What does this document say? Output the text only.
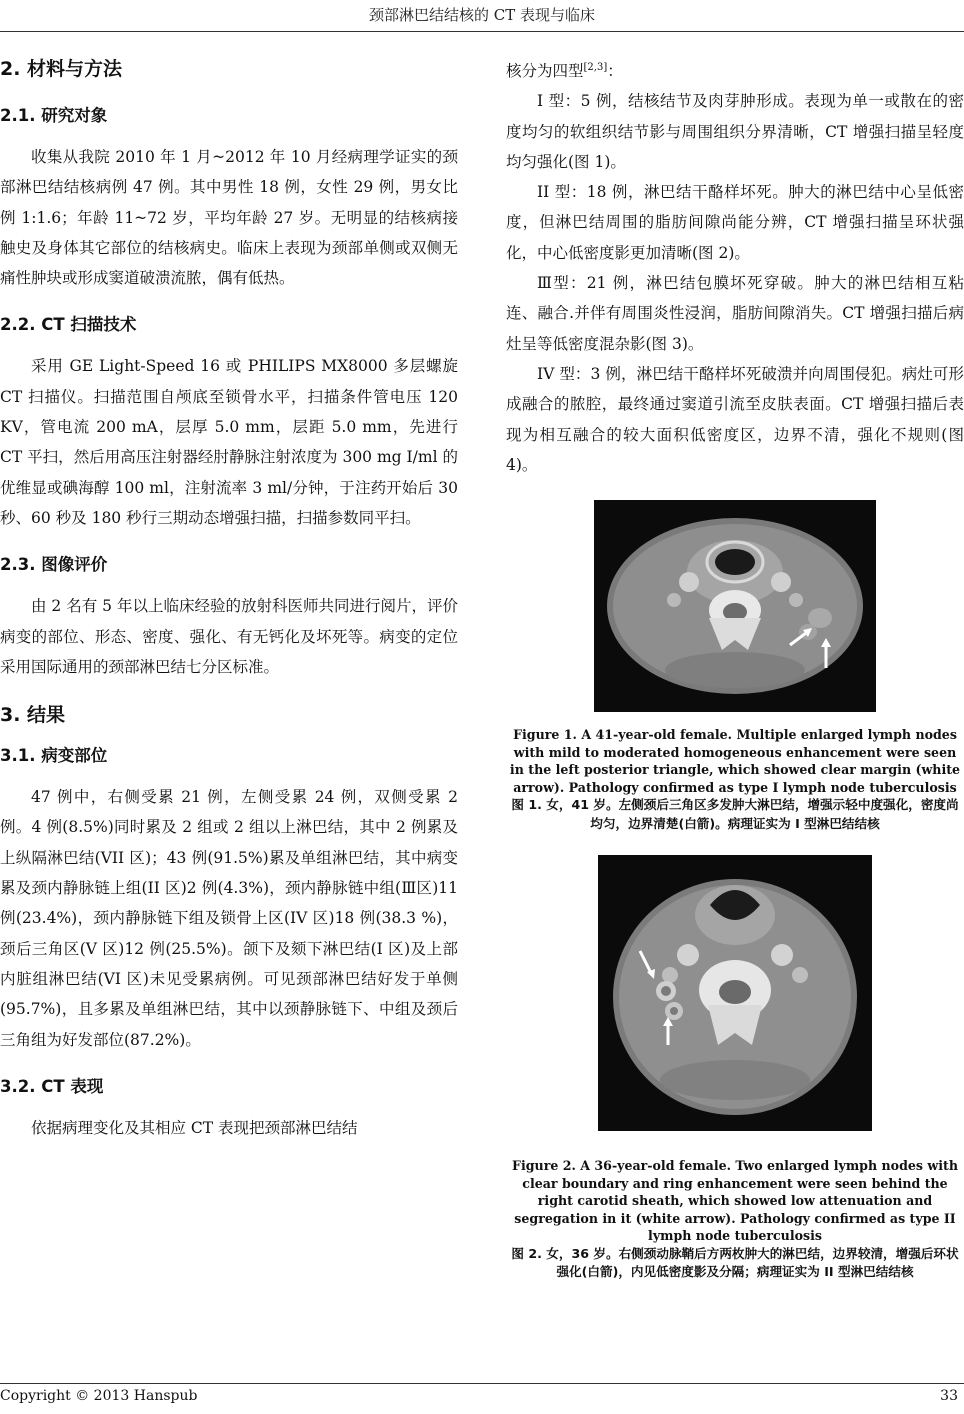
颈部淋巴结结核的 CT 表现与临床
2. 材料与方法
2.1. 研究对象

收集从我院 2010 年 1 月~2012 年 10 月经病理学证实的颈部淋巴结结核病例 47 例。其中男性 18 例，女性 29 例，男女比例 1:1.6；年龄 11~72 岁，平均年龄 27 岁。无明显的结核病接触史及身体其它部位的结核病史。临床上表现为颈部单侧或双侧无痛性肿块或形成窦道破溃流脓，偶有低热。

2.2. CT 扫描技术

采用 GE Light-Speed 16 或 PHILIPS MX8000 多层螺旋 CT 扫描仪。扫描范围自颅底至锁骨水平，扫描条件管电压 120 KV，管电流 200 mA，层厚 5.0 mm，层距 5.0 mm，先进行 CT 平扫，然后用高压注射器经肘静脉注射浓度为 300 mg I/ml 的优维显或碘海醇 100 ml，注射流率 3 ml/分钟，于注药开始后 30 秒、60 秒及 180 秒行三期动态增强扫描，扫描参数同平扫。

2.3. 图像评价

由 2 名有 5 年以上临床经验的放射科医师共同进行阅片，评价病变的部位、形态、密度、强化、有无钙化及坏死等。病变的定位采用国际通用的颈部淋巴结七分区标准。

3. 结果
3.1. 病变部位

47 例中，右侧受累 21 例，左侧受累 24 例，双侧受累 2 例。4 例(8.5%)同时累及 2 组或 2 组以上淋巴结，其中 2 例累及上纵隔淋巴结(VII 区)；43 例(91.5%)累及单组淋巴结，其中病变累及颈内静脉链上组(II 区)2 例(4.3%)，颈内静脉链中组(Ⅲ区)11 例(23.4%)，颈内静脉链下组及锁骨上区(IV 区)18 例(38.3 %)，颈后三角区(V 区)12 例(25.5%)。颌下及颏下淋巴结(I 区)及上部内脏组淋巴结(VI 区)未见受累病例。可见颈部淋巴结好发于单侧(95.7%)，且多累及单组淋巴结，其中以颈静脉链下、中组及颈后三角组为好发部位(87.2%)。

3.2. CT 表现

依据病理变化及其相应 CT 表现把颈部淋巴结结

核分为四型[2,3]：

I 型：5 例，结核结节及肉芽肿形成。表现为单一或散在的密度均匀的软组织结节影与周围组织分界清晰，CT 增强扫描呈轻度均匀强化(图 1)。

II 型：18 例，淋巴结干酪样坏死。肿大的淋巴结中心呈低密度，但淋巴结周围的脂肪间隙尚能分辨，CT 增强扫描呈环状强化，中心低密度影更加清晰(图 2)。

Ⅲ型：21 例，淋巴结包膜坏死穿破。肿大的淋巴结相互粘连、融合.并伴有周围炎性浸润，脂肪间隙消失。CT 增强扫描后病灶呈等低密度混杂影(图 3)。

IV 型：3 例，淋巴结干酪样坏死破溃并向周围侵犯。病灶可形成融合的脓腔，最终通过窦道引流至皮肤表面。CT 增强扫描后表现为相互融合的较大面积低密度区，边界不清，强化不规则(图 4)。

Figure 1. A 41-year-old female. Multiple enlarged lymph nodes with mild to moderated homogeneous enhancement were seen in the left posterior triangle, which showed clear margin (white arrow). Pathology confirmed as type I lymph node tuberculosis
图 1. 女，41 岁。左侧颈后三角区多发肿大淋巴结，增强示轻中度强化，密度尚均匀，边界清楚(白箭)。病理证实为 I 型淋巴结结核
Figure 2. A 36-year-old female. Two enlarged lymph nodes with clear boundary and ring enhancement were seen behind the right carotid sheath, which showed low attenuation and segregation in it (white arrow). Pathology confirmed as type II lymph node tuberculosis
图 2. 女，36 岁。右侧颈动脉鞘后方两枚肿大的淋巴结，边界较清，增强后环状强化(白箭)，内见低密度影及分隔；病理证实为 II 型淋巴结结核
Copyright © 2013 Hanspub	33
